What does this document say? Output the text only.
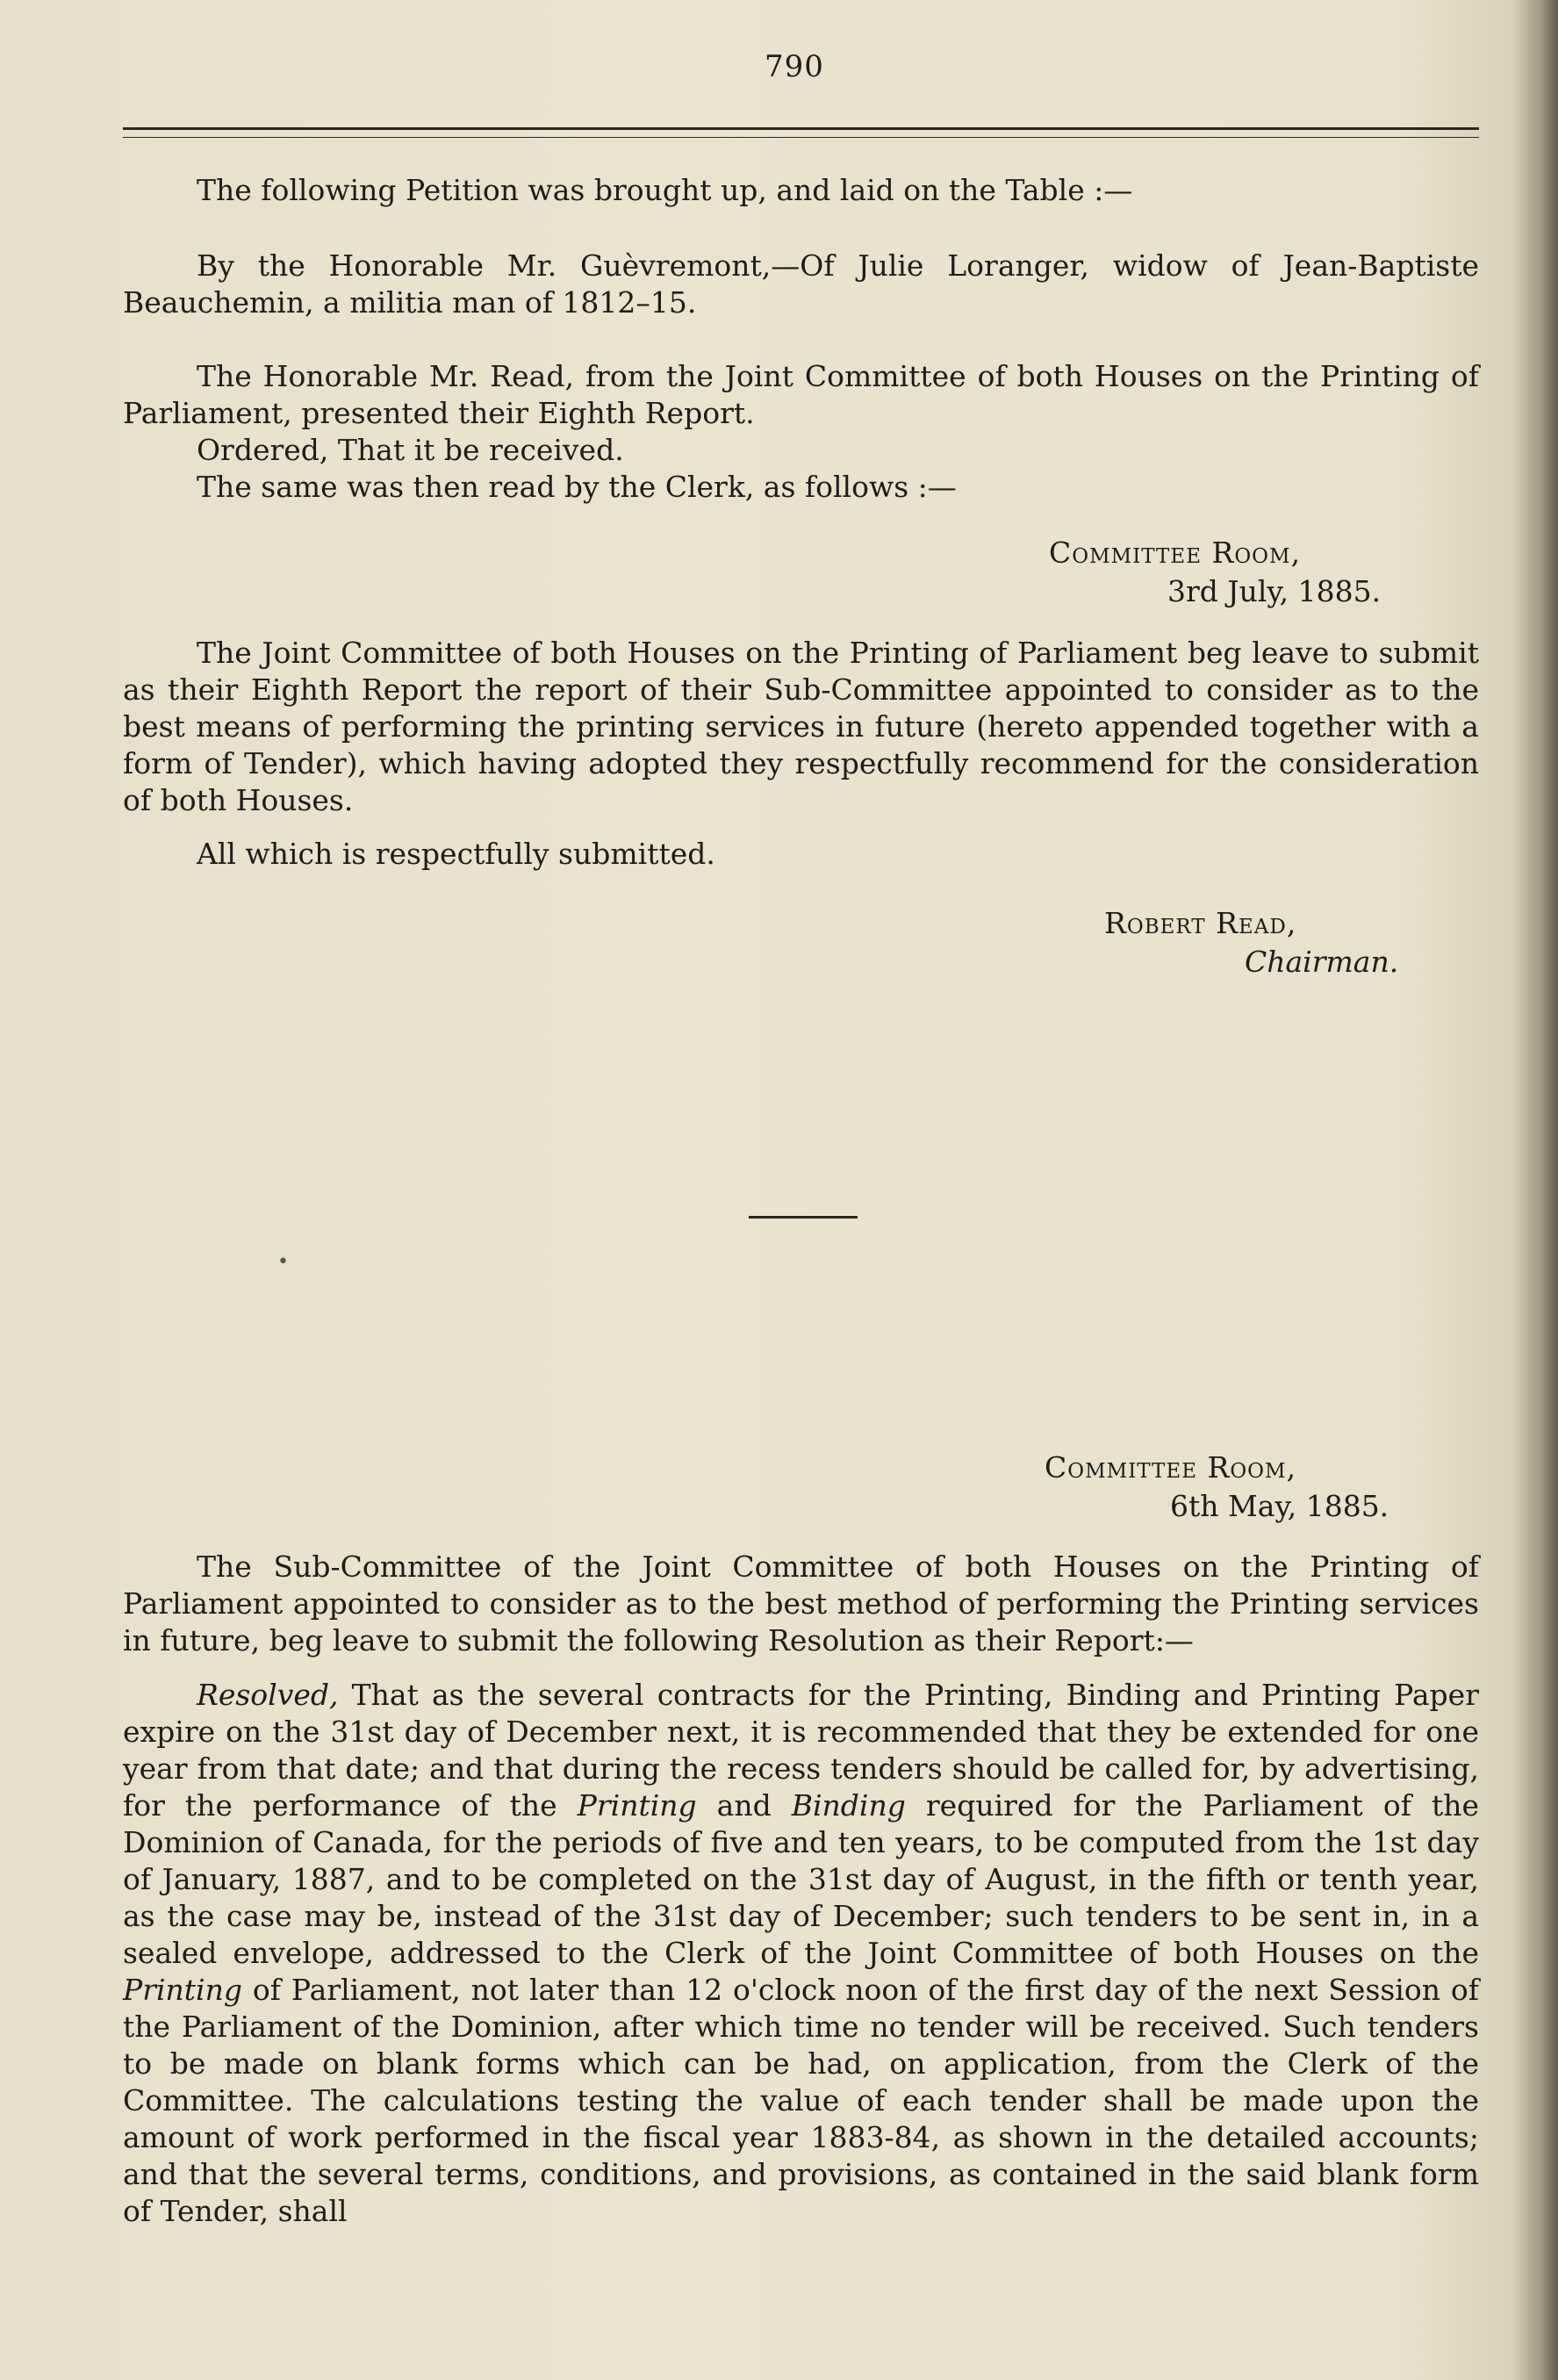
790

The following Petition was brought up, and laid on the Table :—

By the Honorable Mr. Guèvremont,—Of Julie Loranger, widow of Jean-Baptiste Beauchemin, a militia man of 1812–15.

The Honorable Mr. Read, from the Joint Committee of both Houses on the Printing of Parliament, presented their Eighth Report.

Ordered, That it be received.

The same was then read by the Clerk, as follows :—

Committee Room,
3rd July, 1885.

The Joint Committee of both Houses on the Printing of Parliament beg leave to submit as their Eighth Report the report of their Sub-Committee appointed to consider as to the best means of performing the printing services in future (hereto appended together with a form of Tender), which having adopted they respectfully recommend for the consideration of both Houses.

All which is respectfully submitted.

Robert Read,
Chairman.
Committee Room,
6th May, 1885.

The Sub-Committee of the Joint Committee of both Houses on the Printing of Parliament appointed to consider as to the best method of performing the Printing services in future, beg leave to submit the following Resolution as their Report:—

Resolved, That as the several contracts for the Printing, Binding and Printing Paper expire on the 31st day of December next, it is recommended that they be extended for one year from that date; and that during the recess tenders should be called for, by advertising, for the performance of the Printing and Binding required for the Parliament of the Dominion of Canada, for the periods of five and ten years, to be computed from the 1st day of January, 1887, and to be completed on the 31st day of August, in the fifth or tenth year, as the case may be, instead of the 31st day of December; such tenders to be sent in, in a sealed envelope, addressed to the Clerk of the Joint Committee of both Houses on the Printing of Parliament, not later than 12 o'clock noon of the first day of the next Session of the Parliament of the Dominion, after which time no tender will be received. Such tenders to be made on blank forms which can be had, on application, from the Clerk of the Committee. The calculations testing the value of each tender shall be made upon the amount of work performed in the fiscal year 1883-84, as shown in the detailed accounts; and that the several terms, conditions, and provisions, as contained in the said blank form of Tender, shall

•
